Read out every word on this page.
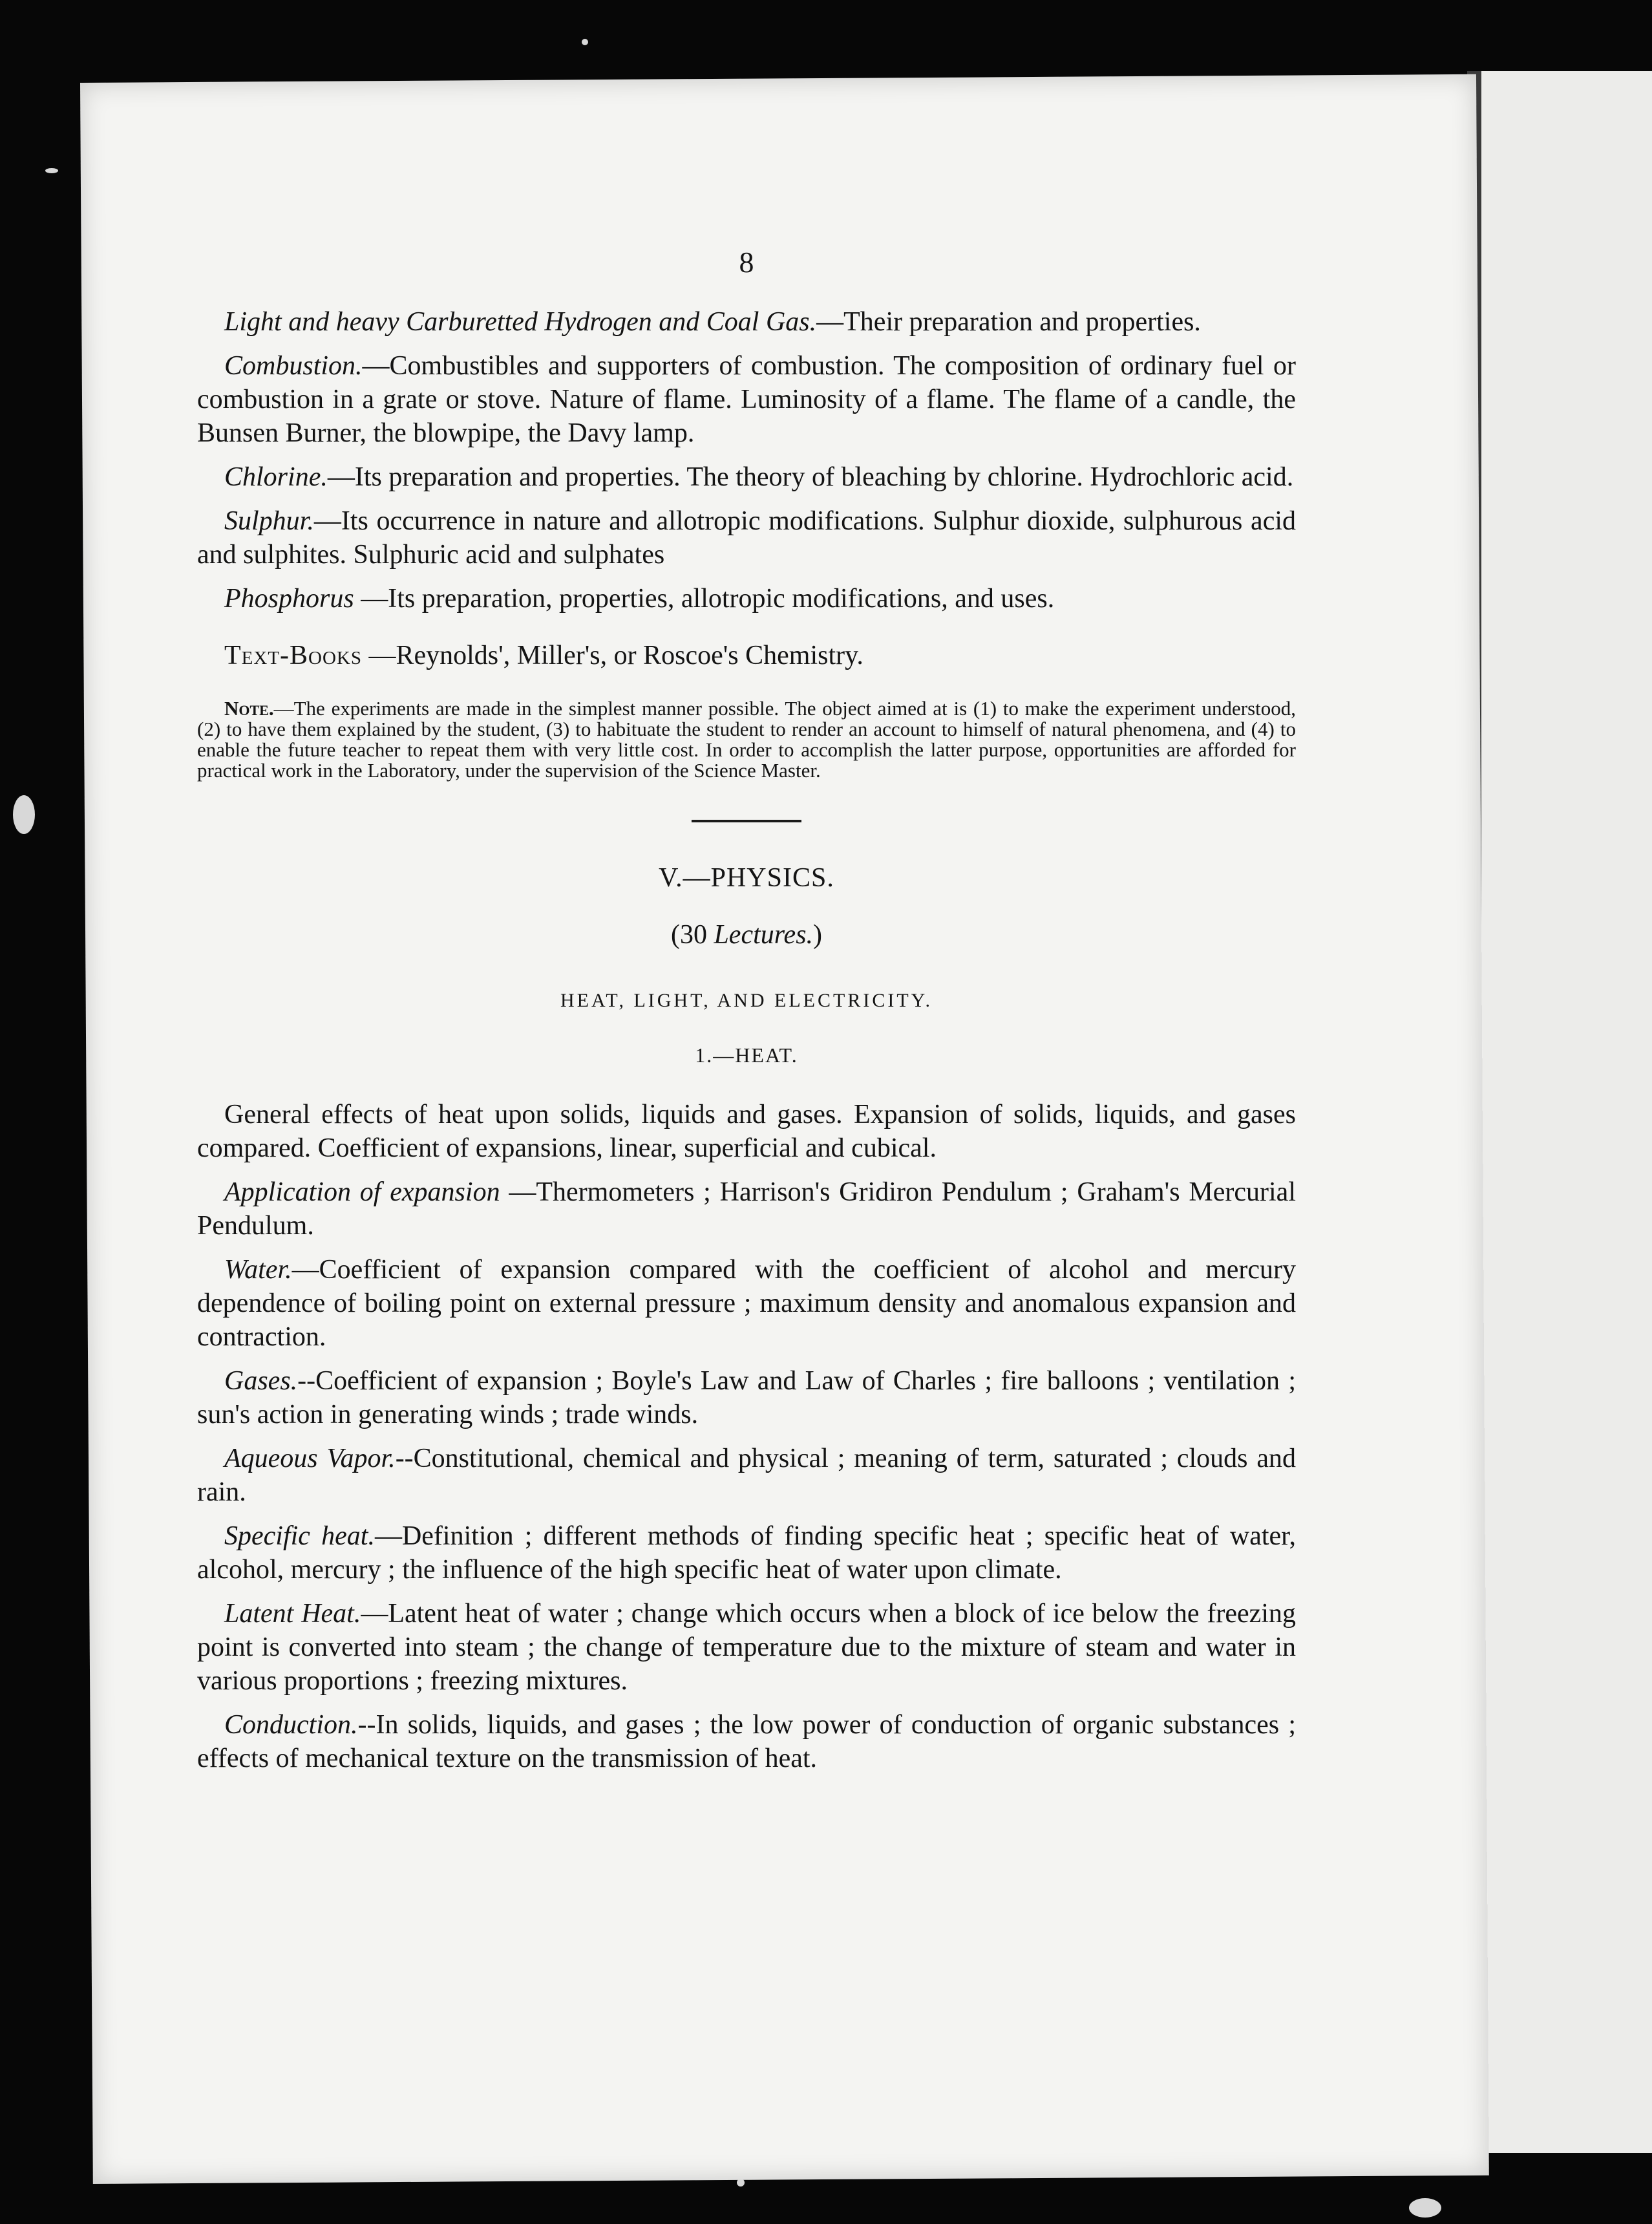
8

Light and heavy Carburetted Hydrogen and Coal Gas.—Their preparation and properties.

Combustion.—Combustibles and supporters of combustion. The composition of ordinary fuel or combustion in a grate or stove. Nature of flame. Luminosity of a flame. The flame of a candle, the Bunsen Burner, the blowpipe, the Davy lamp.

Chlorine.—Its preparation and properties. The theory of bleaching by chlorine. Hydrochloric acid.

Sulphur.—Its occurrence in nature and allotropic modifications. Sulphur dioxide, sulphurous acid and sulphites. Sulphuric acid and sulphates

Phosphorus —Its preparation, properties, allotropic modifications, and uses.

Text-Books —Reynolds', Miller's, or Roscoe's Chemistry.

Note.—The experiments are made in the simplest manner possible. The object aimed at is (1) to make the experiment understood, (2) to have them explained by the student, (3) to habituate the student to render an account to himself of natural phenomena, and (4) to enable the future teacher to repeat them with very little cost. In order to accomplish the latter purpose, opportunities are afforded for practical work in the Laboratory, under the supervision of the Science Master.

V.—PHYSICS.
(30 Lectures.)
HEAT, LIGHT, AND ELECTRICITY.
1.—HEAT.

General effects of heat upon solids, liquids and gases. Expansion of solids, liquids, and gases compared. Coefficient of expansions, linear, superficial and cubical.

Application of expansion —Thermometers ; Harrison's Gridiron Pendulum ; Graham's Mercurial Pendulum.

Water.—Coefficient of expansion compared with the coefficient of alcohol and mercury dependence of boiling point on external pressure ; maximum density and anomalous expansion and contraction.

Gases.--Coefficient of expansion ; Boyle's Law and Law of Charles ; fire balloons ; ventilation ; sun's action in generating winds ; trade winds.

Aqueous Vapor.--Constitutional, chemical and physical ; meaning of term, saturated ; clouds and rain.

Specific heat.—Definition ; different methods of finding specific heat ; specific heat of water, alcohol, mercury ; the influence of the high specific heat of water upon climate.

Latent Heat.—Latent heat of water ; change which occurs when a block of ice below the freezing point is converted into steam ; the change of temperature due to the mixture of steam and water in various proportions ; freezing mixtures.

Conduction.--In solids, liquids, and gases ; the low power of conduction of organic substances ; effects of mechanical texture on the transmission of heat.
